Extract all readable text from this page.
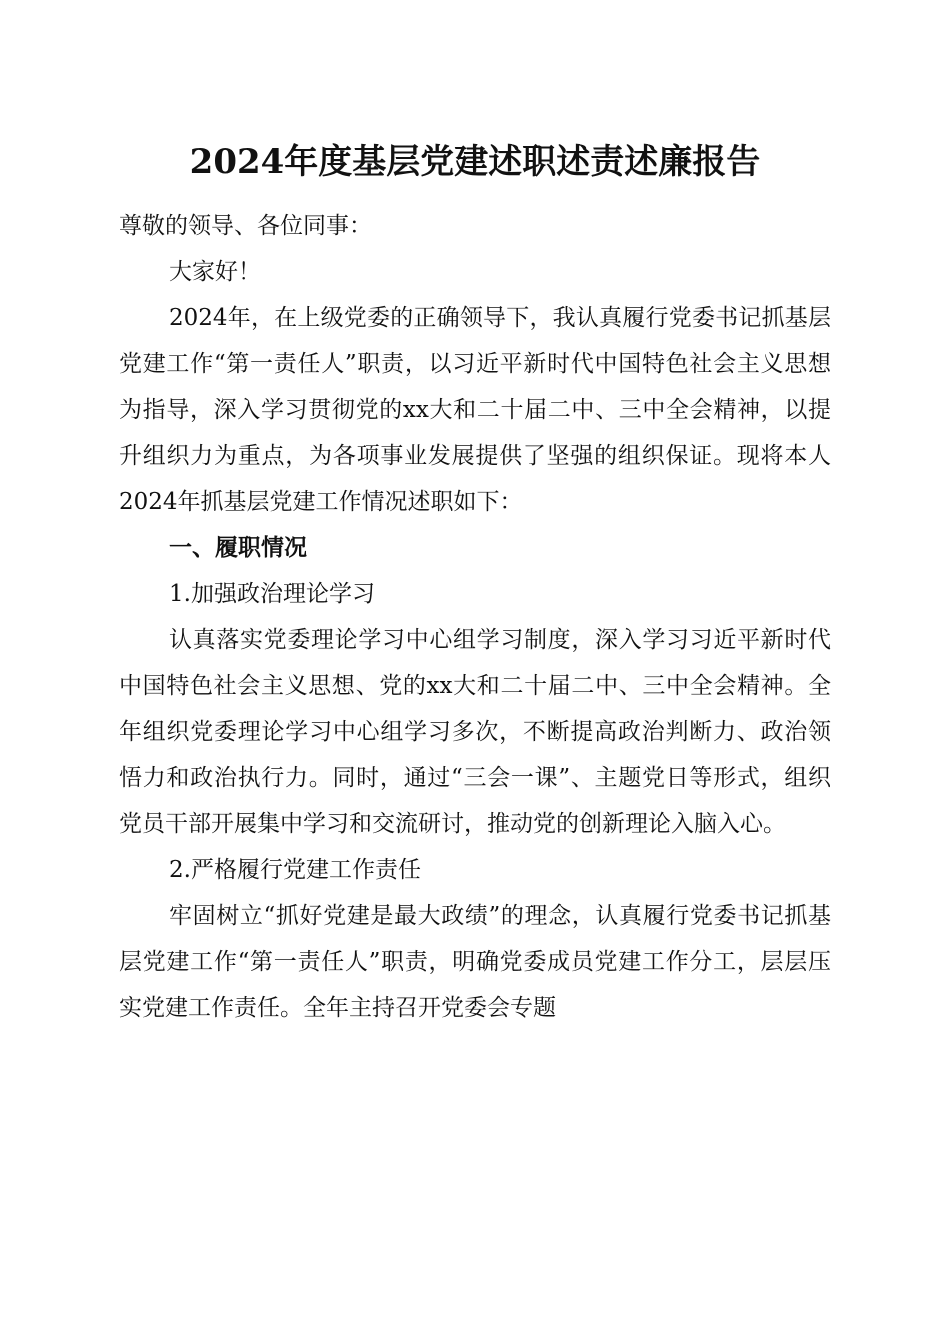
2024年度基层党建述职述责述廉报告

尊敬的领导、各位同事：

大家好！

2024年，在上级党委的正确领导下，我认真履行党委书记抓基层党建工作“第一责任人”职责，以习近平新时代中国特色社会主义思想为指导，深入学习贯彻党的xx大和二十届二中、三中全会精神，以提升组织力为重点，为各项事业发展提供了坚强的组织保证。现将本人2024年抓基层党建工作情况述职如下：

一、履职情况

1.加强政治理论学习

认真落实党委理论学习中心组学习制度，深入学习习近平新时代中国特色社会主义思想、党的xx大和二十届二中、三中全会精神。全年组织党委理论学习中心组学习多次，不断提高政治判断力、政治领悟力和政治执行力。同时，通过“三会一课”、主题党日等形式，组织党员干部开展集中学习和交流研讨，推动党的创新理论入脑入心。

2.严格履行党建工作责任

牢固树立“抓好党建是最大政绩”的理念，认真履行党委书记抓基层党建工作“第一责任人”职责，明确党委成员党建工作分工，层层压实党建工作责任。全年主持召开党委会专题
